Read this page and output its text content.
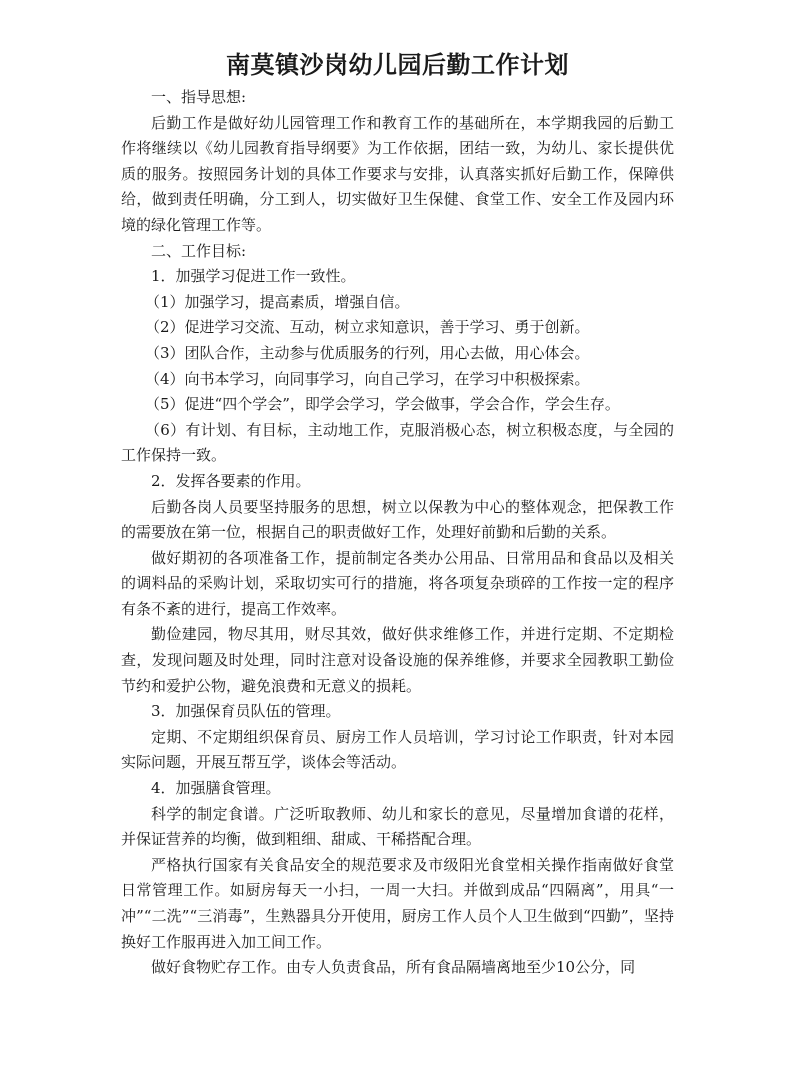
南莫镇沙岗幼儿园后勤工作计划

一、指导思想:

后勤工作是做好幼儿园管理工作和教育工作的基础所在，本学期我园的后勤工作将继续以《幼儿园教育指导纲要》为工作依据，团结一致，为幼儿、家长提供优质的服务。按照园务计划的具体工作要求与安排，认真落实抓好后勤工作，保障供给，做到责任明确，分工到人，切实做好卫生保健、食堂工作、安全工作及园内环境的绿化管理工作等。

二、工作目标:

1．加强学习促进工作一致性。

（1）加强学习，提高素质，增强自信。

（2）促进学习交流、互动，树立求知意识，善于学习、勇于创新。

（3）团队合作，主动参与优质服务的行列，用心去做，用心体会。

（4）向书本学习，向同事学习，向自己学习，在学习中积极探索。

（5）促进“四个学会”，即学会学习，学会做事，学会合作，学会生存。

（6）有计划、有目标，主动地工作，克服消极心态，树立积极态度，与全园的工作保持一致。

2．发挥各要素的作用。

后勤各岗人员要坚持服务的思想，树立以保教为中心的整体观念，把保教工作的需要放在第一位，根据自己的职责做好工作，处理好前勤和后勤的关系。

做好期初的各项准备工作，提前制定各类办公用品、日常用品和食品以及相关的调料品的采购计划，采取切实可行的措施，将各项复杂琐碎的工作按一定的程序有条不紊的进行，提高工作效率。

勤俭建园，物尽其用，财尽其效，做好供求维修工作，并进行定期、不定期检查，发现问题及时处理，同时注意对设备设施的保养维修，并要求全园教职工勤俭节约和爱护公物，避免浪费和无意义的损耗。

3．加强保育员队伍的管理。

定期、不定期组织保育员、厨房工作人员培训，学习讨论工作职责，针对本园实际问题，开展互帮互学，谈体会等活动。

4．加强膳食管理。

科学的制定食谱。广泛听取教师、幼儿和家长的意见，尽量增加食谱的花样，并保证营养的均衡，做到粗细、甜咸、干稀搭配合理。

严格执行国家有关食品安全的规范要求及市级阳光食堂相关操作指南做好食堂日常管理工作。如厨房每天一小扫，一周一大扫。并做到成品“四隔离”，用具“一冲”“二洗”“三消毒”，生熟器具分开使用，厨房工作人员个人卫生做到“四勤”，坚持换好工作服再进入加工间工作。

做好食物贮存工作。由专人负责食品，所有食品隔墙离地至少10公分，同
